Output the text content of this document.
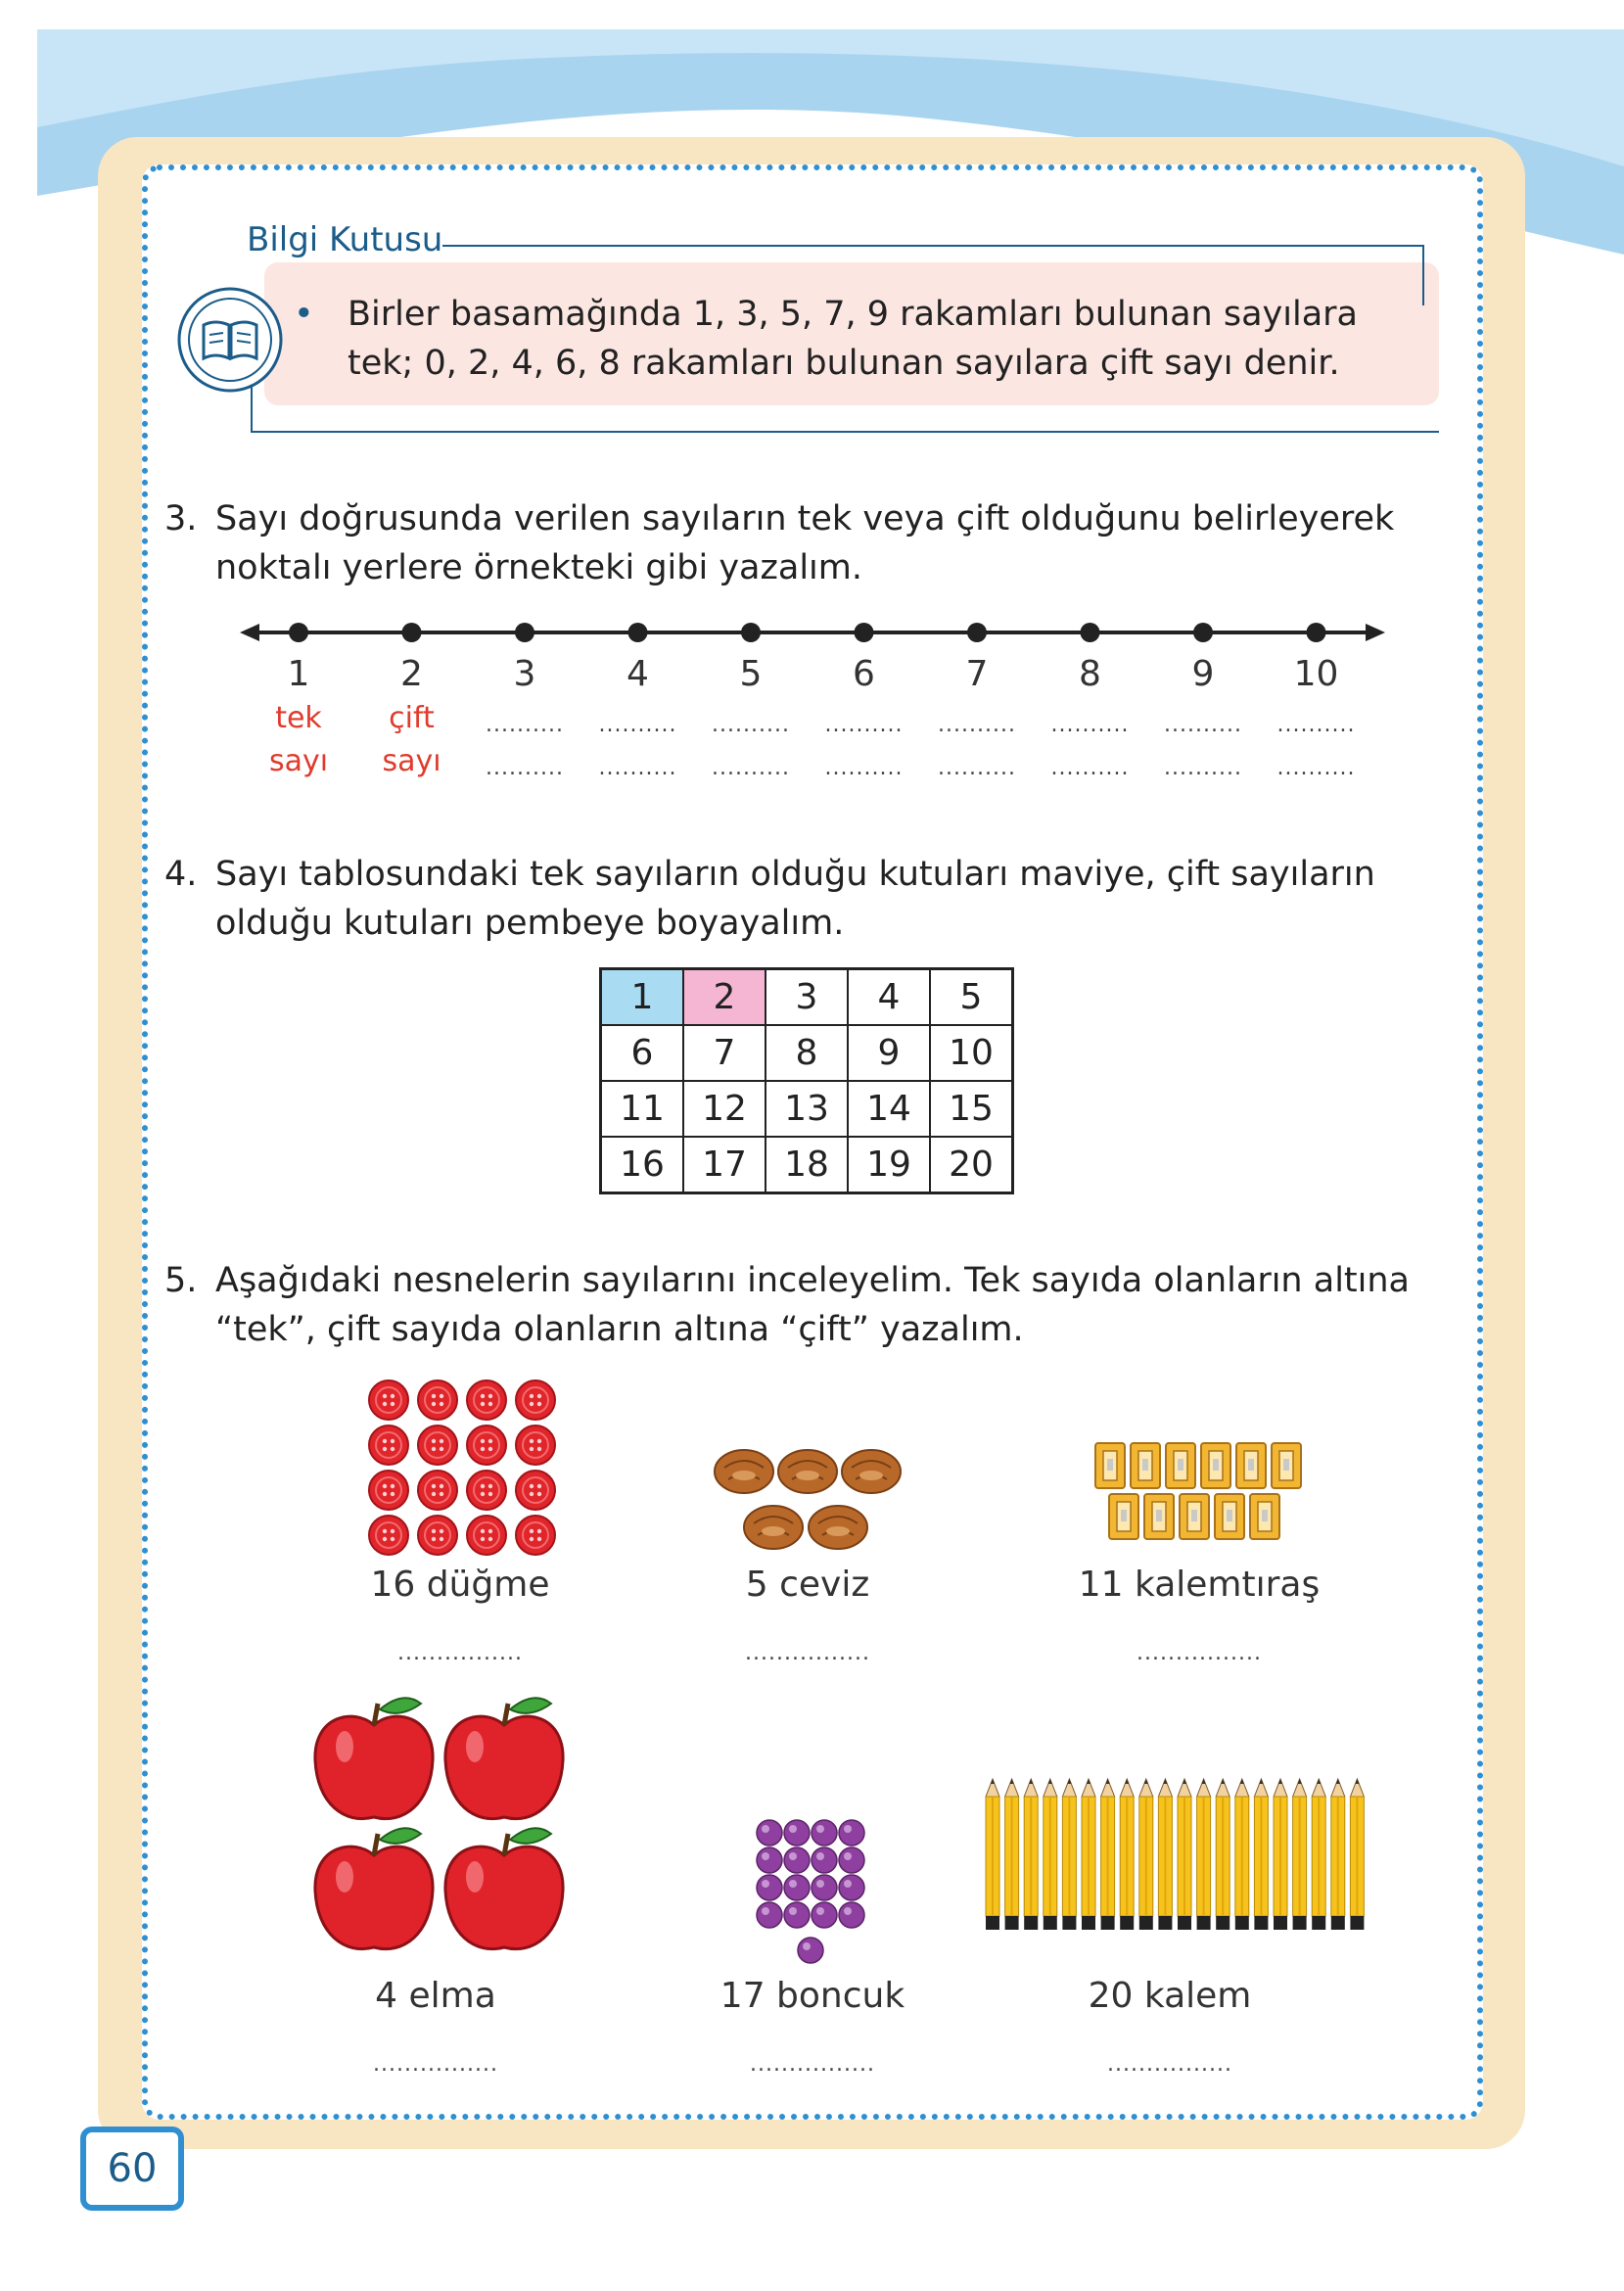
Bilgi Kutusu
• Birler basamağında 1, 3, 5, 7, 9 rakamları bulunan sayılara tek; 0, 2, 4, 6, 8 rakamları bulunan sayılara çift sayı denir.
3. Sayı doğrusunda verilen sayıların tek veya çift olduğunu belirleyerek noktalı yerlere örnekteki gibi yazalım.
1
tek
sayı
2
çift
sayı
3
..........
..........
4
..........
..........
5
..........
..........
6
..........
..........
7
..........
..........
8
..........
..........
9
..........
..........
10
..........
..........
4. Sayı tablosundaki tek sayıların olduğu kutuları maviye, çift sayıların olduğu kutuları pembeye boyayalım.
1	2	3	4	5
6	7	8	9	10
11	12	13	14	15
16	17	18	19	20
5. Aşağıdaki nesnelerin sayılarını inceleyelim. Tek sayıda olanların altına “tek”, çift sayıda olanların altına “çift” yazalım.
16 düğme	5 ceviz	11 kalemtıraş
4 elma	17 boncuk	20 kalem
................	................	................
................	................	................
60
